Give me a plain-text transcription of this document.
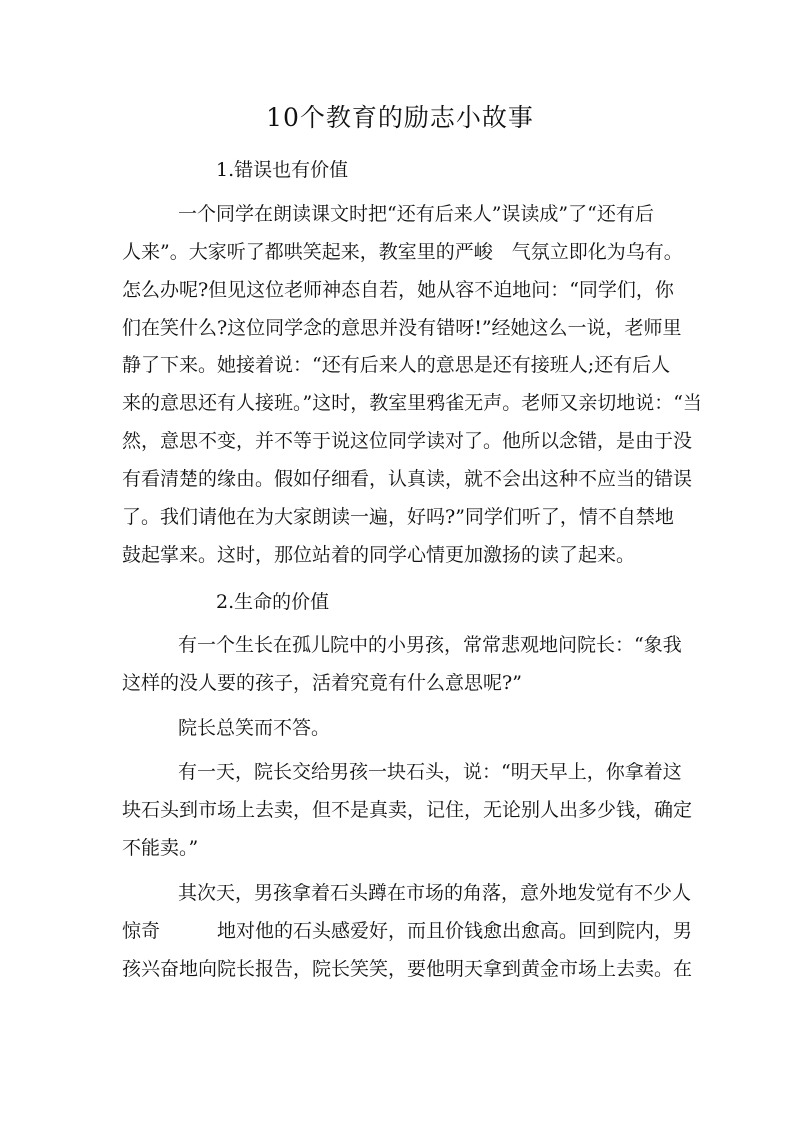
10个教育的励志小故事

1.错误也有价值

一个同学在朗读课文时把“还有后来人”误读成”了“还有后

人来”。大家听了都哄笑起来，教室里的严峻　气氛立即化为乌有。

怎么办呢?但见这位老师神态自若，她从容不迫地问：“同学们，你

们在笑什么?这位同学念的意思并没有错呀!”经她这么一说，老师里

静了下来。她接着说：“还有后来人的意思是还有接班人;还有后人

来的意思还有人接班。”这时，教室里鸦雀无声。老师又亲切地说：“当

然，意思不变，并不等于说这位同学读对了。他所以念错，是由于没

有看清楚的缘由。假如仔细看，认真读，就不会出这种不应当的错误

了。我们请他在为大家朗读一遍，好吗?”同学们听了，情不自禁地

鼓起掌来。这时，那位站着的同学心情更加激扬的读了起来。

2.生命的价值

有一个生长在孤儿院中的小男孩，常常悲观地问院长：“象我

这样的没人要的孩子，活着究竟有什么意思呢?”

院长总笑而不答。

有一天，院长交给男孩一块石头，说：“明天早上，你拿着这

块石头到市场上去卖，但不是真卖，记住，无论别人出多少钱，确定

不能卖。”

其次天，男孩拿着石头蹲在市场的角落，意外地发觉有不少人

惊奇　　　地对他的石头感爱好，而且价钱愈出愈高。回到院内，男

孩兴奋地向院长报告，院长笑笑，要他明天拿到黄金市场上去卖。在
